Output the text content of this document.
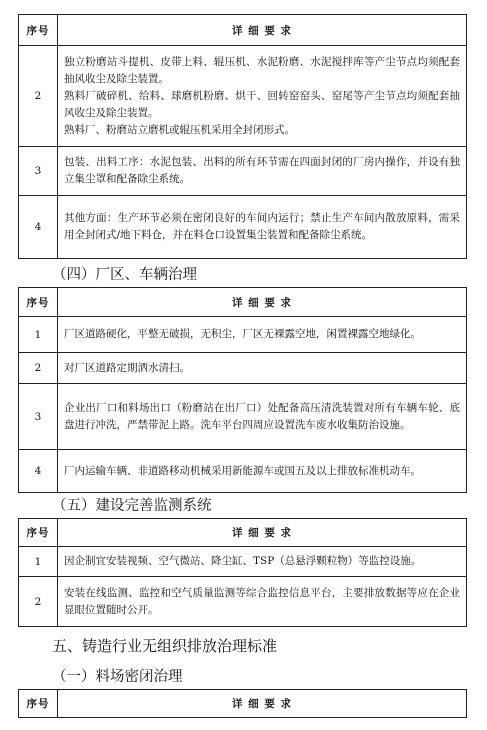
序号	详 细 要 求
2	独立粉磨站斗提机、皮带上料、辊压机、水泥粉磨、水泥搅拌库等产尘节点均须配套抽风收尘及除尘装置。

熟料厂破碎机、给料、球磨机粉磨、烘干、回转窑窑头、窑尾等产尘节点均须配套抽风收尘及除尘装置。

熟料厂、粉磨站立磨机或辊压机采用全封闭形式。

3	包装、出料工序：水泥包装、出料的所有环节需在四面封闭的厂房内操作，并设有独立集尘罩和配备除尘系统。

4	其他方面：生产环节必须在密闭良好的车间内运行；禁止生产车间内散放原料，需采用全封闭式/地下料仓，并在料仓口设置集尘装置和配备除尘系统。

（四）厂区、车辆治理
序号	详 细 要 求
1	厂区道路硬化，平整无破损，无积尘，厂区无裸露空地，闲置裸露空地绿化。
2	对厂区道路定期洒水清扫。
3	企业出厂口和料场出口（粉磨站在出厂口）处配备高压清洗装置对所有车辆车轮、底盘进行冲洗，严禁带泥上路。洗车平台四周应设置洗车废水收集防治设施。
4	厂内运输车辆、非道路移动机械采用新能源车或国五及以上排放标准机动车。
（五）建设完善监测系统
序号	详 细 要 求
1	因企制宜安装视频、空气微站、降尘缸、TSP（总悬浮颗粒物）等监控设施。
2	安装在线监测、监控和空气质量监测等综合监控信息平台，主要排放数据等应在企业显眼位置随时公开。
五、铸造行业无组织排放治理标准
（一）料场密闭治理
序号	详 细 要 求
